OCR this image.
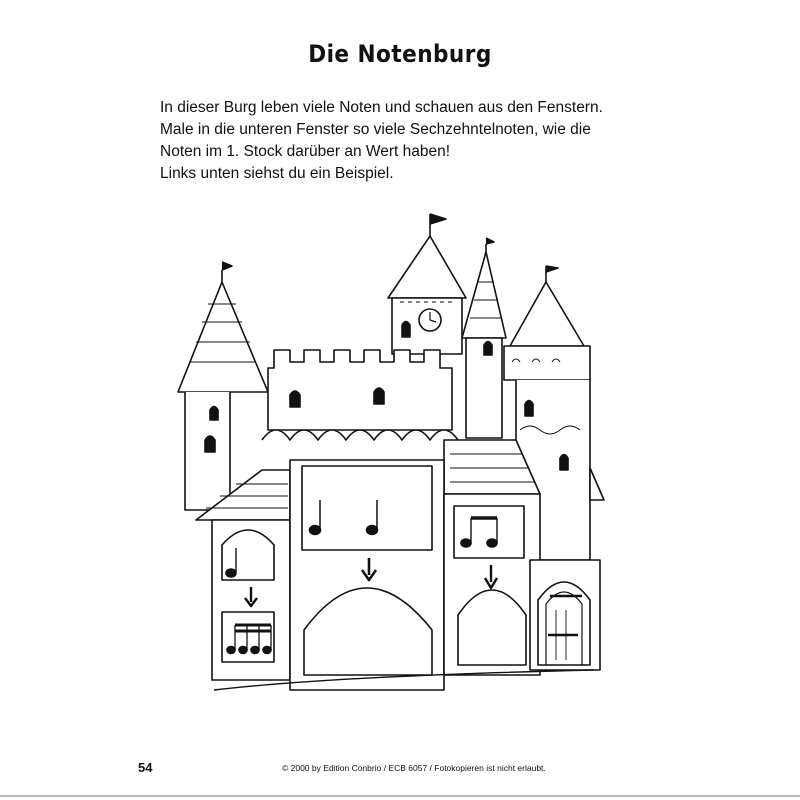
Die Notenburg
In dieser Burg leben viele Noten und schauen aus den Fenstern.
Male in die unteren Fenster so viele Sechzehntelnoten, wie die
Noten im 1. Stock darüber an Wert haben!
Links unten siehst du ein Beispiel.
54	© 2000 by Edition Conbrio / ECB 6057 / Fotokopieren ist nicht erlaubt.
